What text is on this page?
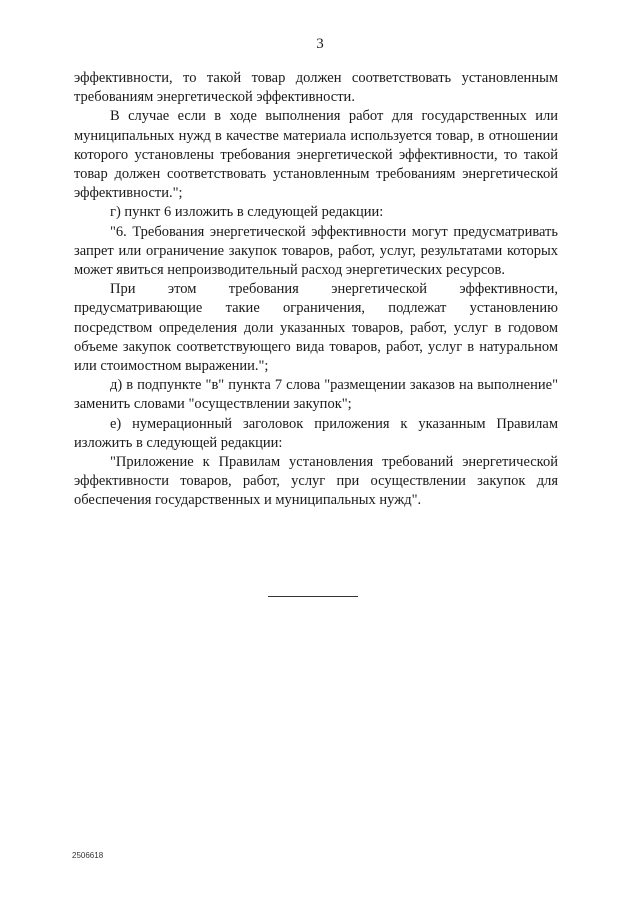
3

эффективности, то такой товар должен соответствовать установленным требованиям энергетической эффективности.

В случае если в ходе выполнения работ для государственных или муниципальных нужд в качестве материала используется товар, в отношении которого установлены требования энергетической эффективности, то такой товар должен соответствовать установленным требованиям энергетической эффективности.";

г) пункт 6 изложить в следующей редакции:

"6. Требования энергетической эффективности могут предусматривать запрет или ограничение закупок товаров, работ, услуг, результатами которых может явиться непроизводительный расход энергетических ресурсов.

При этом требования энергетической эффективности, предусматривающие такие ограничения, подлежат установлению посредством определения доли указанных товаров, работ, услуг в годовом объеме закупок соответствующего вида товаров, работ, услуг в натуральном или стоимостном выражении.";

д) в подпункте "в" пункта 7 слова "размещении заказов на выполнение" заменить словами "осуществлении закупок";

е) нумерационный заголовок приложения к указанным Правилам изложить в следующей редакции:

"Приложение к Правилам установления требований энергетической эффективности товаров, работ, услуг при осуществлении закупок для обеспечения государственных и муниципальных нужд".

2506618
